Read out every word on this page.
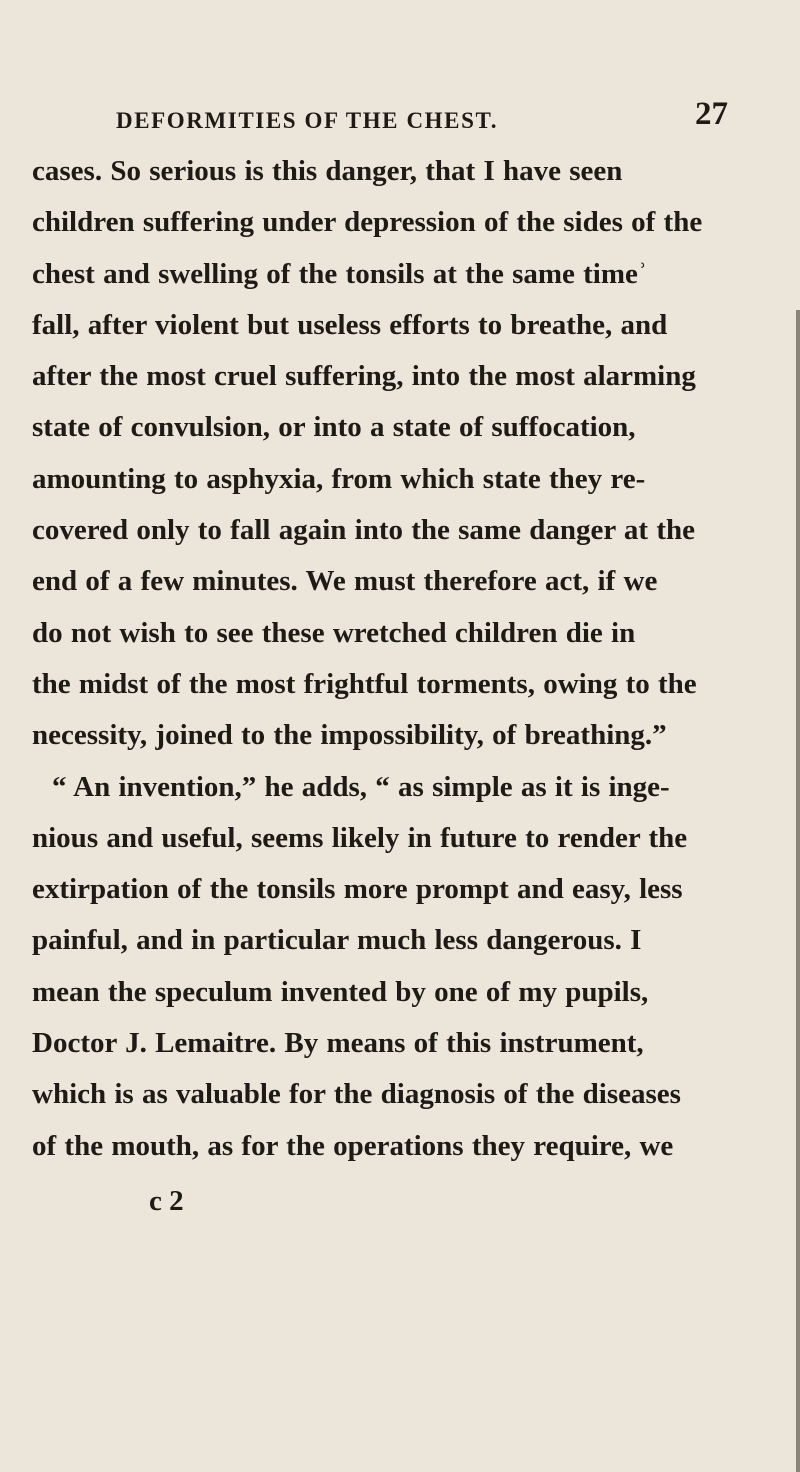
DEFORMITIES OF THE CHEST.	27
cases. So serious is this danger, that I have seen
children suffering under depression of the sides of the
chest and swelling of the tonsils at the same timeʾ
fall, after violent but useless efforts to breathe, and
after the most cruel suffering, into the most alarming
state of convulsion, or into a state of suffocation,
amounting to asphyxia, from which state they re-
covered only to fall again into the same danger at the
end of a few minutes. We must therefore act, if we
do not wish to see these wretched children die in
the midst of the most frightful torments, owing to the
necessity, joined to the impossibility, of breathing.”
“ An invention,” he adds, “ as simple as it is inge-
nious and useful, seems likely in future to render the
extirpation of the tonsils more prompt and easy, less
painful, and in particular much less dangerous. I
mean the speculum invented by one of my pupils,
Doctor J. Lemaitre. By means of this instrument,
which is as valuable for the diagnosis of the diseases
of the mouth, as for the operations they require, we
c 2
